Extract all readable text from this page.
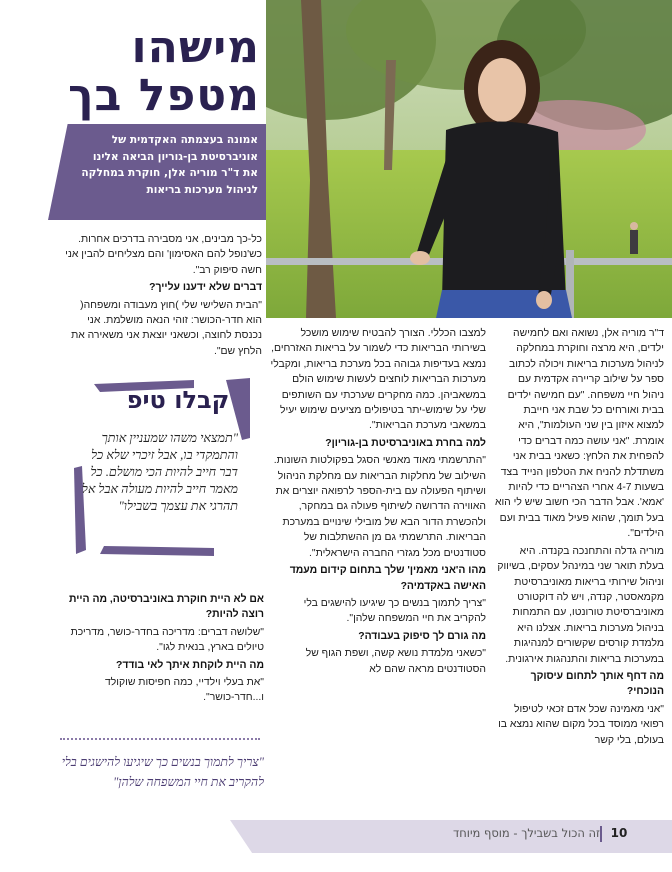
מישהו
מטפל בך
אמונה בעצמתה האקדמית של אוניברסיטת בן-גוריון הביאה אלינו את ד"ר מוריה אלן, חוקרת במחלקה לניהול מערכות בריאות

כל-כך מבינים, אני מסבירה בדרכים אחרות. כש'נופל להם האסימון' והם מצליחים להבין אני חשה סיפוק רב".

דברים שלא ידענו עלייך?

"הבית השלישי שלי )חוץ מעבודה ומשפחה( הוא חדר-הכושר: זוהי הנאה מושלמת. אני נכנסת לחוצה, וכשאני יוצאת אני משאירה את הלחץ שם".

קבלו טיפ
"תמצאי משהו שמעניין אותך והתמקדי בו, אבל זיכרי שלא כל דבר חייב להיות הכי מושלם. כל מאמר חייב להיות מעולה אבל אל תהרגי את עצמך בשבילו"

אם לא היית חוקרת באוניברסיטה, מה היית רוצה להיות?

"שלושה דברים: מדריכה בחדר-כושר, מדריכת טיולים בארץ, בנאית לגו".

מה היית לוקחת איתך לאי בודד?

"את בעלי וילדיי, כמה חפיסות שוקולד ו...חדר-כושר".

"צריך לתמוך בנשים כך שיגיעו להישגים בלי להקריב את חיי המשפחה שלהן"

למצבו הכללי. הצורך להבטיח שימוש מושכל בשירותי הבריאות כדי לשמור על בריאות האזרחים, נמצא בעדיפות גבוהה בכל מערכת בריאות, ומקבלי מערכות הבריאות לוחצים לעשות שימוש הולם במשאביהן. כמה מחקרים שערכתי עם השותפים שלי על שימוש-יתר בטיפולים מציעים שימוש יעיל במשאבי מערכת הבריאות".

למה בחרת באוניברסיטת בן-גוריון?

"התרשמתי מאוד מאנשי הסגל בפקולטות השונות. השילוב של מחלקות הבריאות עם מחלקת הניהול ושיתוף הפעולה עם בית-הספר לרפואה יוצרים את האווירה הדרושה לשיתוף פעולה גם במחקר, ולהכשרת הדור הבא של מובילי שינויים במערכת הבריאות. התרשמתי גם מן ההשתלבות של סטודנטים מכל מגזרי החברה הישראלית".

מהו ה'אני מאמין' שלך בתחום קידום מעמד האישה באקדמיה?

"צריך לתמוך בנשים כך שיגיעו להישגים בלי להקריב את חיי המשפחה שלהן".

מה גורם לך סיפוק בעבודה?

"כשאני מלמדת נושא קשה, ושפת הגוף של הסטודנטים מראה שהם לא

ד"ר מוריה אלן, נשואה ואם לחמישה ילדים, היא מרצה וחוקרת במחלקה לניהול מערכות בריאות ויכולה לכתוב ספר על שילוב קריירה אקדמית עם ניהול חיי משפחה. "עם חמישה ילדים בבית ואורחים כל שבת אני חייבת למצוא איזון בין שני העולמות", היא אומרת. "אני עושה כמה דברים כדי להפחית את הלחץ: כשאני בבית אני משתדלת להניח את הטלפון הנייד בצד בשעות 4-7 אחרי הצהריים כדי להיות 'אמא'. אבל הדבר הכי חשוב שיש לי הוא בעל תומך, שהוא פעיל מאוד בבית ועם הילדים".

מוריה גדלה והתחנכה בקנדה. היא בעלת תואר שני במינהל עסקים, בשיווק וניהול שירותי בריאות מאוניברסיטת מקמאסטר, קנדה, ויש לה דוקטורט מאוניברסיטת טורונטו, עם התמחות בניהול מערכות בריאות. אצלנו היא מלמדת קורסים שקשורים למנהיגות במערכות בריאות והתנהגות אירגונית.

מה דחף אותך לתחום עיסוקך הנוכחי?

"אני מאמינה שכל אדם זכאי לטיפול רפואי ממוסד בכל מקום שהוא נמצא בו בעולם, בלי קשר

זה הכול בשבילך - מוסף מיוחד 10
